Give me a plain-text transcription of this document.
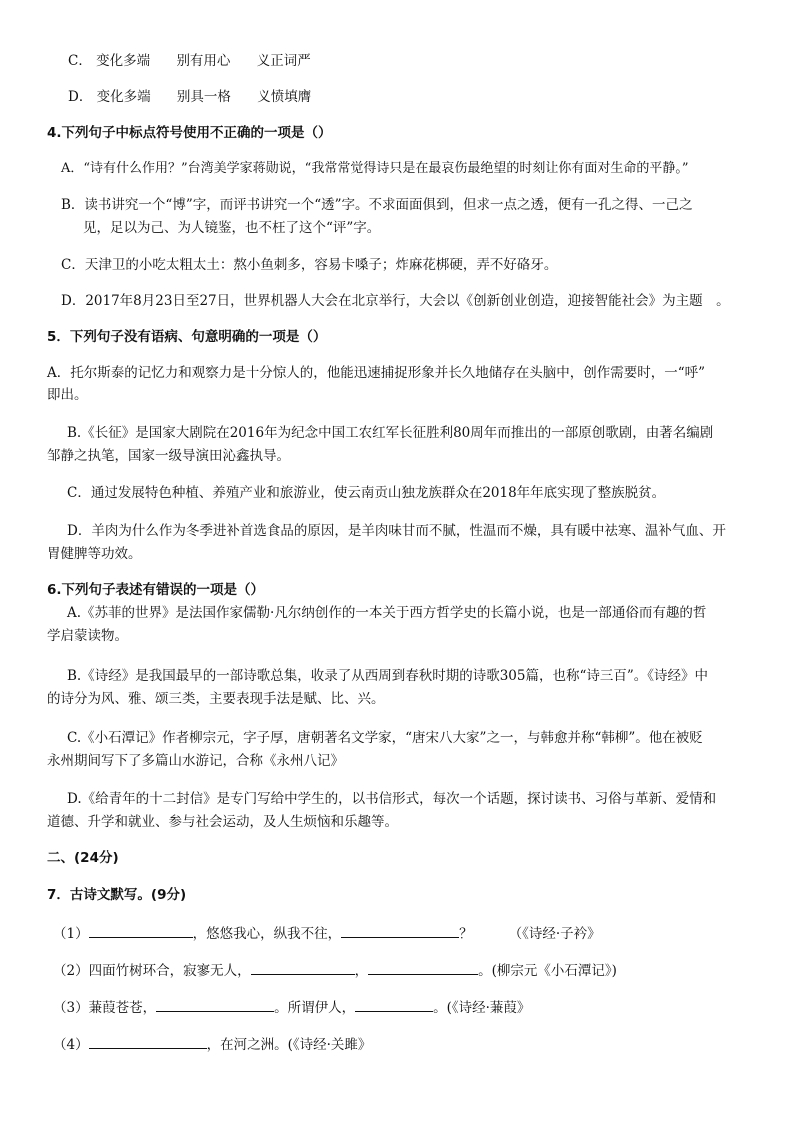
C． 变化多端 别有用心 义正词严
D． 变化多端 别具一格 义愤填膺
4.下列句子中标点符号使用不正确的一项是（）
A．“诗有什么作用？”台湾美学家蒋勋说，“我常常觉得诗只是在最哀伤最绝望的时刻让你有面对生命的平静。”
B．读书讲究一个“博”字，而评书讲究一个“透”字。不求面面俱到，但求一点之透，便有一孔之得、一己之
见，足以为己、为人镜鉴，也不枉了这个“评”字。
C．天津卫的小吃太粗太土：熬小鱼刺多，容易卡嗓子；炸麻花梆硬，弄不好硌牙。
D．2017年8月23日至27日，世界机器人大会在北京举行，大会以《创新创业创造，迎接智能社会》为主题　。
5．下列句子没有语病、句意明确的一项是（）
A．托尔斯泰的记忆力和观察力是十分惊人的，他能迅速捕捉形象并长久地储存在头脑中，创作需要时，一“呼”
即出。
B.《长征》是国家大剧院在2016年为纪念中国工农红军长征胜利80周年而推出的一部原创歌剧，由著名编剧
邹静之执笔，国家一级导演田沁鑫执导。
C．通过发展特色种植、养殖产业和旅游业，使云南贡山独龙族群众在2018年年底实现了整族脱贫。
D．羊肉为什么作为冬季进补首选食品的原因，是羊肉味甘而不腻，性温而不燥，具有暖中祛寒、温补气血、开
胃健脾等功效。
6.下列句子表述有错误的一项是（）
A.《苏菲的世界》是法国作家儒勒·凡尔纳创作的一本关于西方哲学史的长篇小说，也是一部通俗而有趣的哲
学启蒙读物。
B.《诗经》是我国最早的一部诗歌总集，收录了从西周到春秋时期的诗歌305篇，也称“诗三百”。《诗经》中
的诗分为风、雅、颂三类，主要表现手法是赋、比、兴。
C.《小石潭记》作者柳宗元，字子厚，唐朝著名文学家，“唐宋八大家”之一，与韩愈并称“韩柳”。他在被贬
永州期间写下了多篇山水游记，合称《永州八记》
D.《给青年的十二封信》是专门写给中学生的，以书信形式，每次一个话题，探讨读书、习俗与革新、爱情和
道德、升学和就业、参与社会运动，及人生烦恼和乐趣等。
二、(24分)
7．古诗文默写。(9分)
（1）	，悠悠我心，纵我不往，	？	（《诗经·子衿》
（2）四面竹树环合，寂寥无人，	，	。(柳宗元《小石潭记》)
（3）蒹葭苍苍，	。所谓伊人，	。(《诗经·蒹葭》
（4）	，在河之洲。(《诗经·关雎》
